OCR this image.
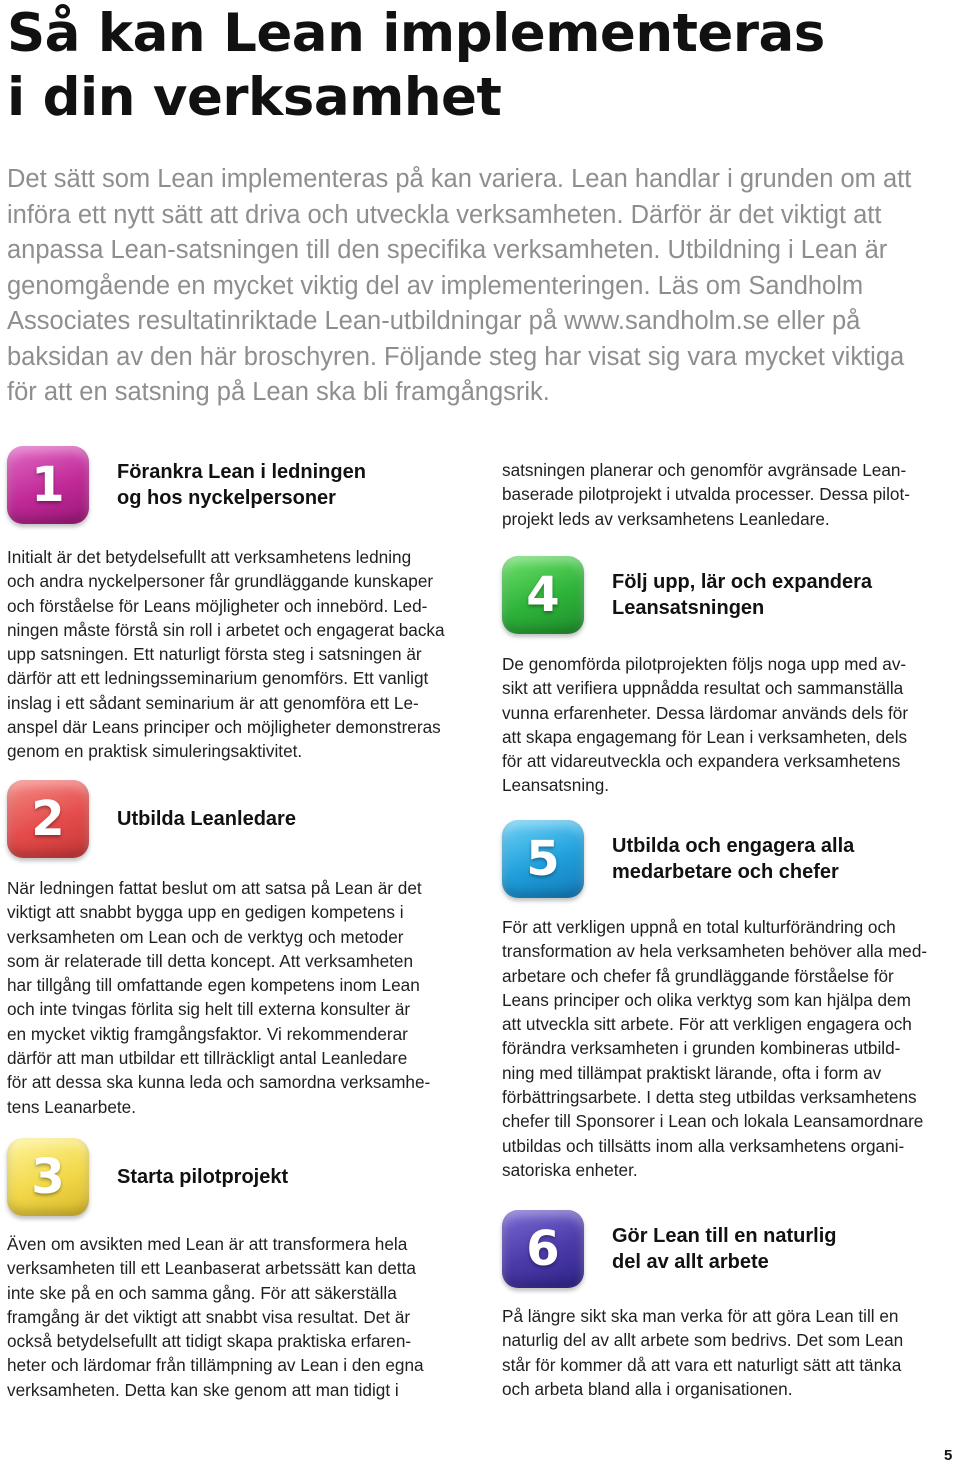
Så kan Lean implementeras
i din verksamhet

Det sätt som Lean implementeras på kan variera. Lean handlar i grunden om att
införa ett nytt sätt att driva och utveckla verksamheten. Därför är det viktigt att
anpassa Lean-satsningen till den specifika verksamheten. Utbildning i Lean är
genomgående en mycket viktig del av implementeringen. Läs om Sandholm
Associates resultatinriktade Lean-utbildningar på www.sandholm.se eller på
baksidan av den här broschyren. Följande steg har visat sig vara mycket viktiga
för att en satsning på Lean ska bli framgångsrik.

1	Förankra Lean i ledningen
og hos nyckelpersoner

Initialt är det betydelsefullt att verksamhetens ledning
och andra nyckelpersoner får grundläggande kunskaper
och förståelse för Leans möjligheter och innebörd. Led-
ningen måste förstå sin roll i arbetet och engagerat backa
upp satsningen. Ett naturligt första steg i satsningen är
därför att ett ledningsseminarium genomförs. Ett vanligt
inslag i ett sådant seminarium är att genomföra ett Le-
anspel där Leans principer och möjligheter demonstreras
genom en praktisk simuleringsaktivitet.

2	Utbilda Leanledare

När ledningen fattat beslut om att satsa på Lean är det
viktigt att snabbt bygga upp en gedigen kompetens i
verksamheten om Lean och de verktyg och metoder
som är relaterade till detta koncept. Att verksamheten
har tillgång till omfattande egen kompetens inom Lean
och inte tvingas förlita sig helt till externa konsulter är
en mycket viktig framgångsfaktor. Vi rekommenderar
därför att man utbildar ett tillräckligt antal Leanledare
för att dessa ska kunna leda och samordna verksamhe-
tens Leanarbete.

3	Starta pilotprojekt

Även om avsikten med Lean är att transformera hela
verksamheten till ett Leanbaserat arbetssätt kan detta
inte ske på en och samma gång. För att säkerställa
framgång är det viktigt att snabbt visa resultat. Det är
också betydelsefullt att tidigt skapa praktiska erfaren-
heter och lärdomar från tillämpning av Lean i den egna
verksamheten. Detta kan ske genom att man tidigt i

satsningen planerar och genomför avgränsade Lean-
baserade pilotprojekt i utvalda processer. Dessa pilot-
projekt leds av verksamhetens Leanledare.

4	Följ upp, lär och expandera
Leansatsningen

De genomförda pilotprojekten följs noga upp med av-
sikt att verifiera uppnådda resultat och sammanställa
vunna erfarenheter. Dessa lärdomar används dels för
att skapa engagemang för Lean i verksamheten, dels
för att vidareutveckla och expandera verksamhetens
Leansatsning.

5	Utbilda och engagera alla
medarbetare och chefer

För att verkligen uppnå en total kulturförändring och
transformation av hela verksamheten behöver alla med-
arbetare och chefer få grundläggande förståelse för
Leans principer och olika verktyg som kan hjälpa dem
att utveckla sitt arbete. För att verkligen engagera och
förändra verksamheten i grunden kombineras utbild-
ning med tillämpat praktiskt lärande, ofta i form av
förbättringsarbete. I detta steg utbildas verksamhetens
chefer till Sponsorer i Lean och lokala Leansamordnare
utbildas och tillsätts inom alla verksamhetens organi-
satoriska enheter.

6	Gör Lean till en naturlig
del av allt arbete

På längre sikt ska man verka för att göra Lean till en
naturlig del av allt arbete som bedrivs. Det som Lean
står för kommer då att vara ett naturligt sätt att tänka
och arbeta bland alla i organisationen.

5
